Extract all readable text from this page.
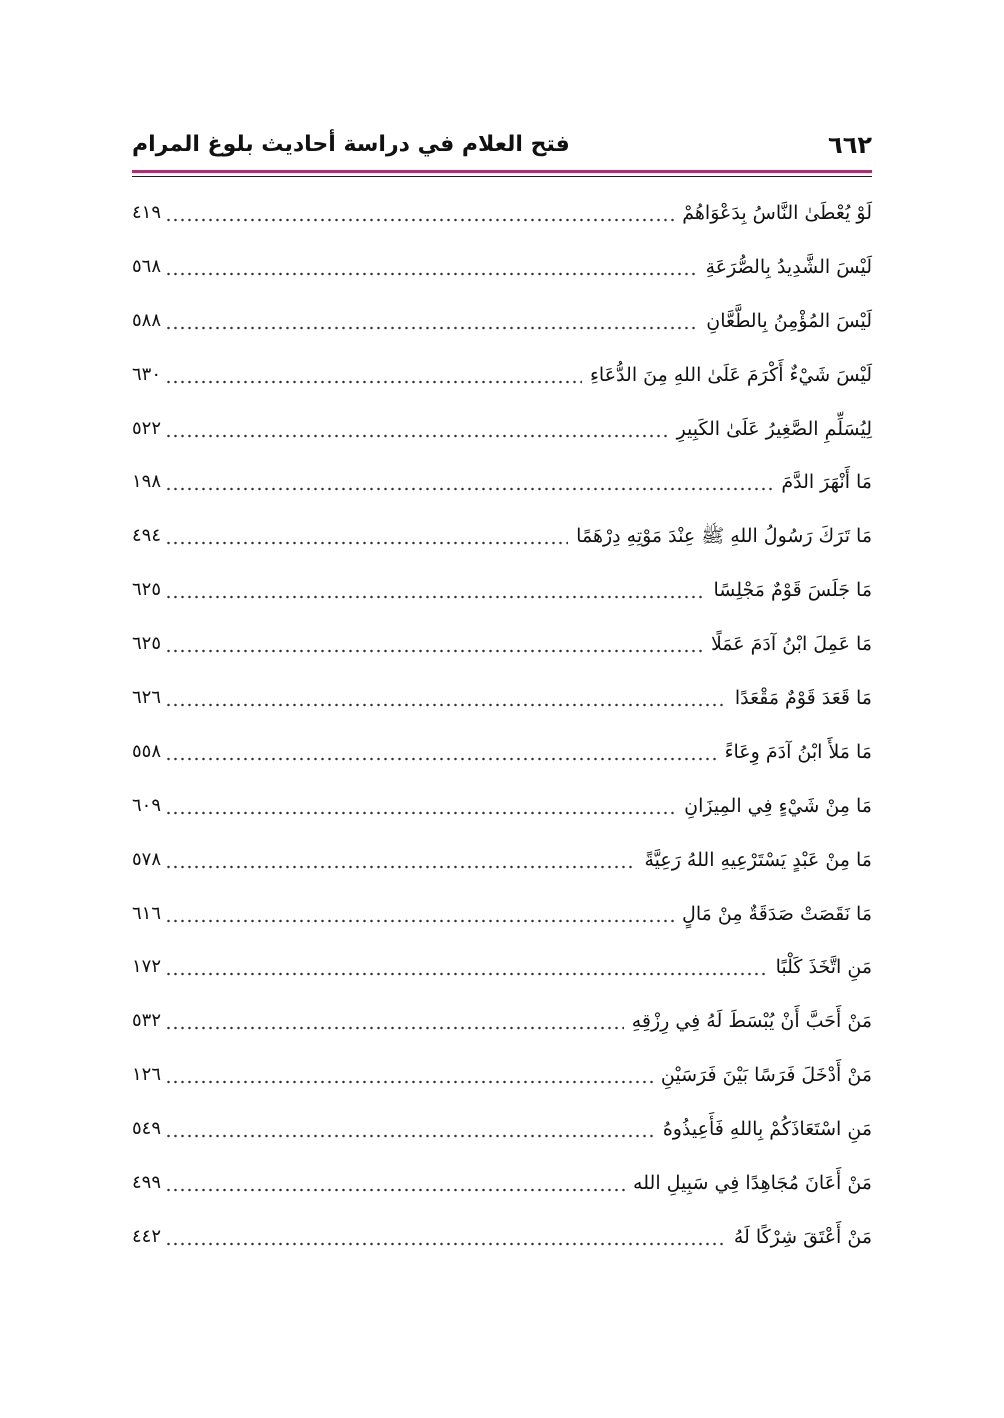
٦٦٢
فتح العلام في دراسة أحاديث بلوغ المرام
لَوْ يُعْطَىٰ النَّاسُ بِدَعْوَاهُمْ
٤١٩
لَيْسَ الشَّدِيدُ بِالصُّرَعَةِ
٥٦٨
لَيْسَ المُؤْمِنُ بِالطَّعَّانِ
٥٨٨
لَيْسَ شَيْءٌ أَكْرَمَ عَلَىٰ اللهِ مِنَ الدُّعَاءِ
٦٣٠
لِيُسَلِّمِ الصَّغِيرُ عَلَىٰ الكَبِيرِ
٥٢٢
مَا أَنْهَرَ الدَّمَ
١٩٨
مَا تَرَكَ رَسُولُ اللهِ ﷺ عِنْدَ مَوْتِهِ دِرْهَمًا
٤٩٤
مَا جَلَسَ قَوْمٌ مَجْلِسًا
٦٢٥
مَا عَمِلَ ابْنُ آدَمَ عَمَلًا
٦٢٥
مَا قَعَدَ قَوْمٌ مَقْعَدًا
٦٢٦
مَا مَلأَ ابْنُ آدَمَ وِعَاءً
٥٥٨
مَا مِنْ شَيْءٍ فِي المِيزَانِ
٦٠٩
مَا مِنْ عَبْدٍ يَسْتَرْعِيهِ اللهُ رَعِيَّةً
٥٧٨
مَا نَقَصَتْ صَدَقَةٌ مِنْ مَالٍ
٦١٦
مَنِ اتَّخَذَ كَلْبًا
١٧٢
مَنْ أَحَبَّ أَنْ يُبْسَطَ لَهُ فِي رِزْقِهِ
٥٣٢
مَنْ أَدْخَلَ فَرَسًا بَيْنَ فَرَسَيْنِ
١٢٦
مَنِ اسْتَعَاذَكُمْ بِاللهِ فَأَعِيذُوهُ
٥٤٩
مَنْ أَعَانَ مُجَاهِدًا فِي سَبِيلِ الله
٤٩٩
مَنْ أَعْتَقَ شِرْكًا لَهُ
٤٤٢
